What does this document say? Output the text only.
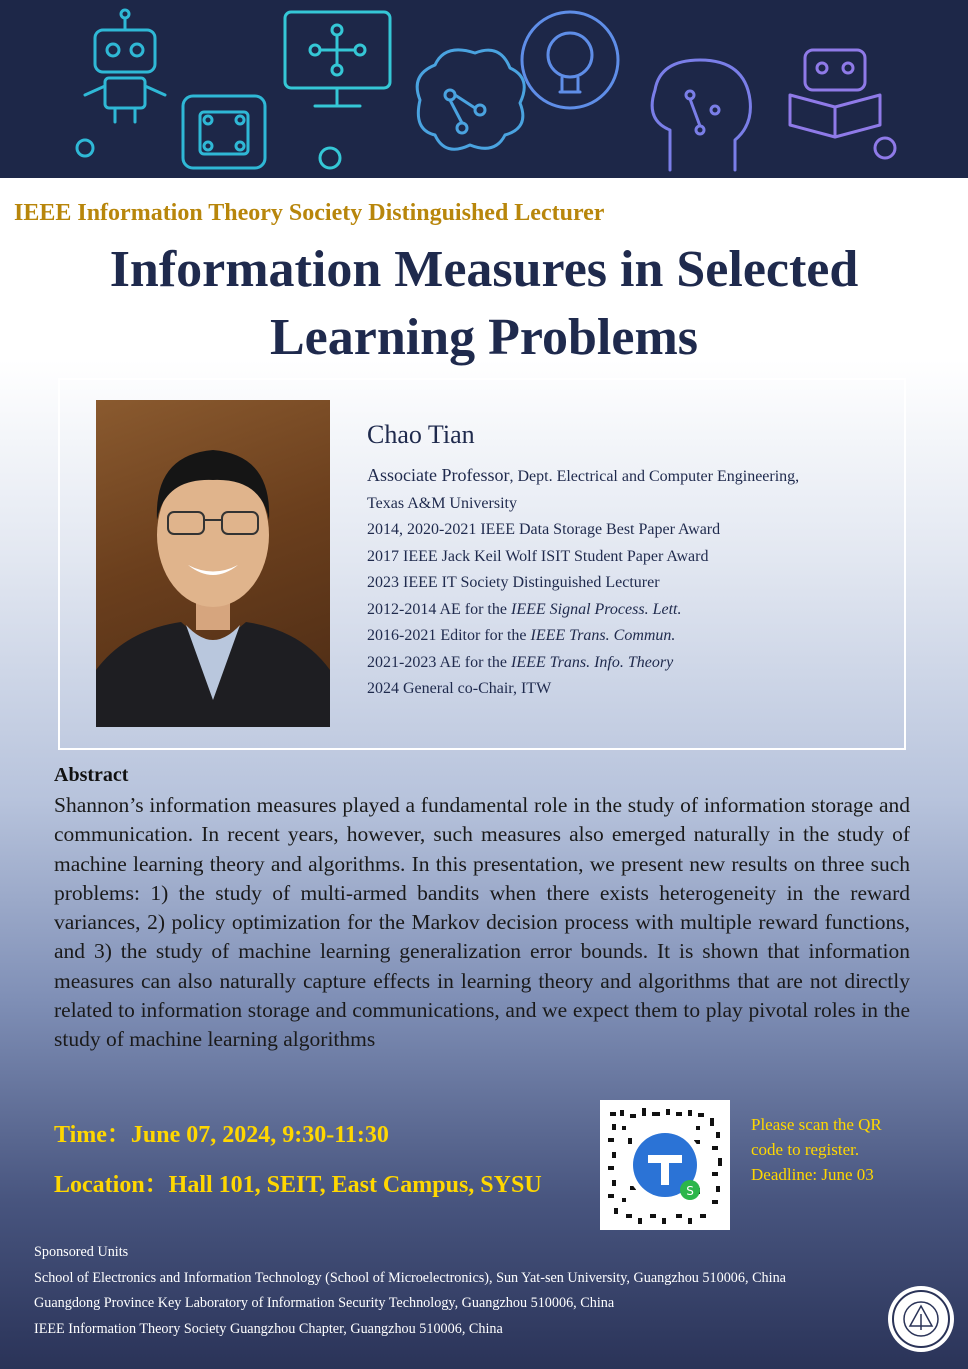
IEEE Information Theory Society Distinguished Lecturer
Information Measures in Selected
Learning Problems
Chao Tian
Associate Professor, Dept. Electrical and Computer Engineering,
Texas A&M University
2014, 2020-2021 IEEE Data Storage Best Paper Award
2017 IEEE Jack Keil Wolf ISIT Student Paper Award
2023 IEEE IT Society Distinguished Lecturer
2012-2014 AE for the IEEE Signal Process. Lett.
2016-2021 Editor for the IEEE Trans. Commun.
2021-2023 AE for the IEEE Trans. Info. Theory
2024 General co-Chair, ITW
Abstract
Shannon’s information measures played a fundamental role in the study of information storage and communication. In recent years, however, such measures also emerged naturally in the study of machine learning theory and algorithms. In this presentation, we present new results on three such problems: 1) the study of multi-armed bandits when there exists heterogeneity in the reward variances, 2) policy optimization for the Markov decision process with multiple reward functions, and 3) the study of machine learning generalization error bounds. It is shown that information measures can also naturally capture effects in learning theory and algorithms that are not directly related to information storage and communications, and we expect them to play pivotal roles in the study of machine learning algorithms
Time：June 07, 2024, 9:30-11:30
Location：Hall 101, SEIT, East Campus, SYSU	S
Please scan the QR
code to register.
Deadline: June 03
Sponsored Units
School of Electronics and Information Technology (School of Microelectronics), Sun Yat-sen University, Guangzhou 510006, China
Guangdong Province Key Laboratory of Information Security Technology, Guangzhou 510006, China
IEEE Information Theory Society Guangzhou Chapter, Guangzhou 510006, China
